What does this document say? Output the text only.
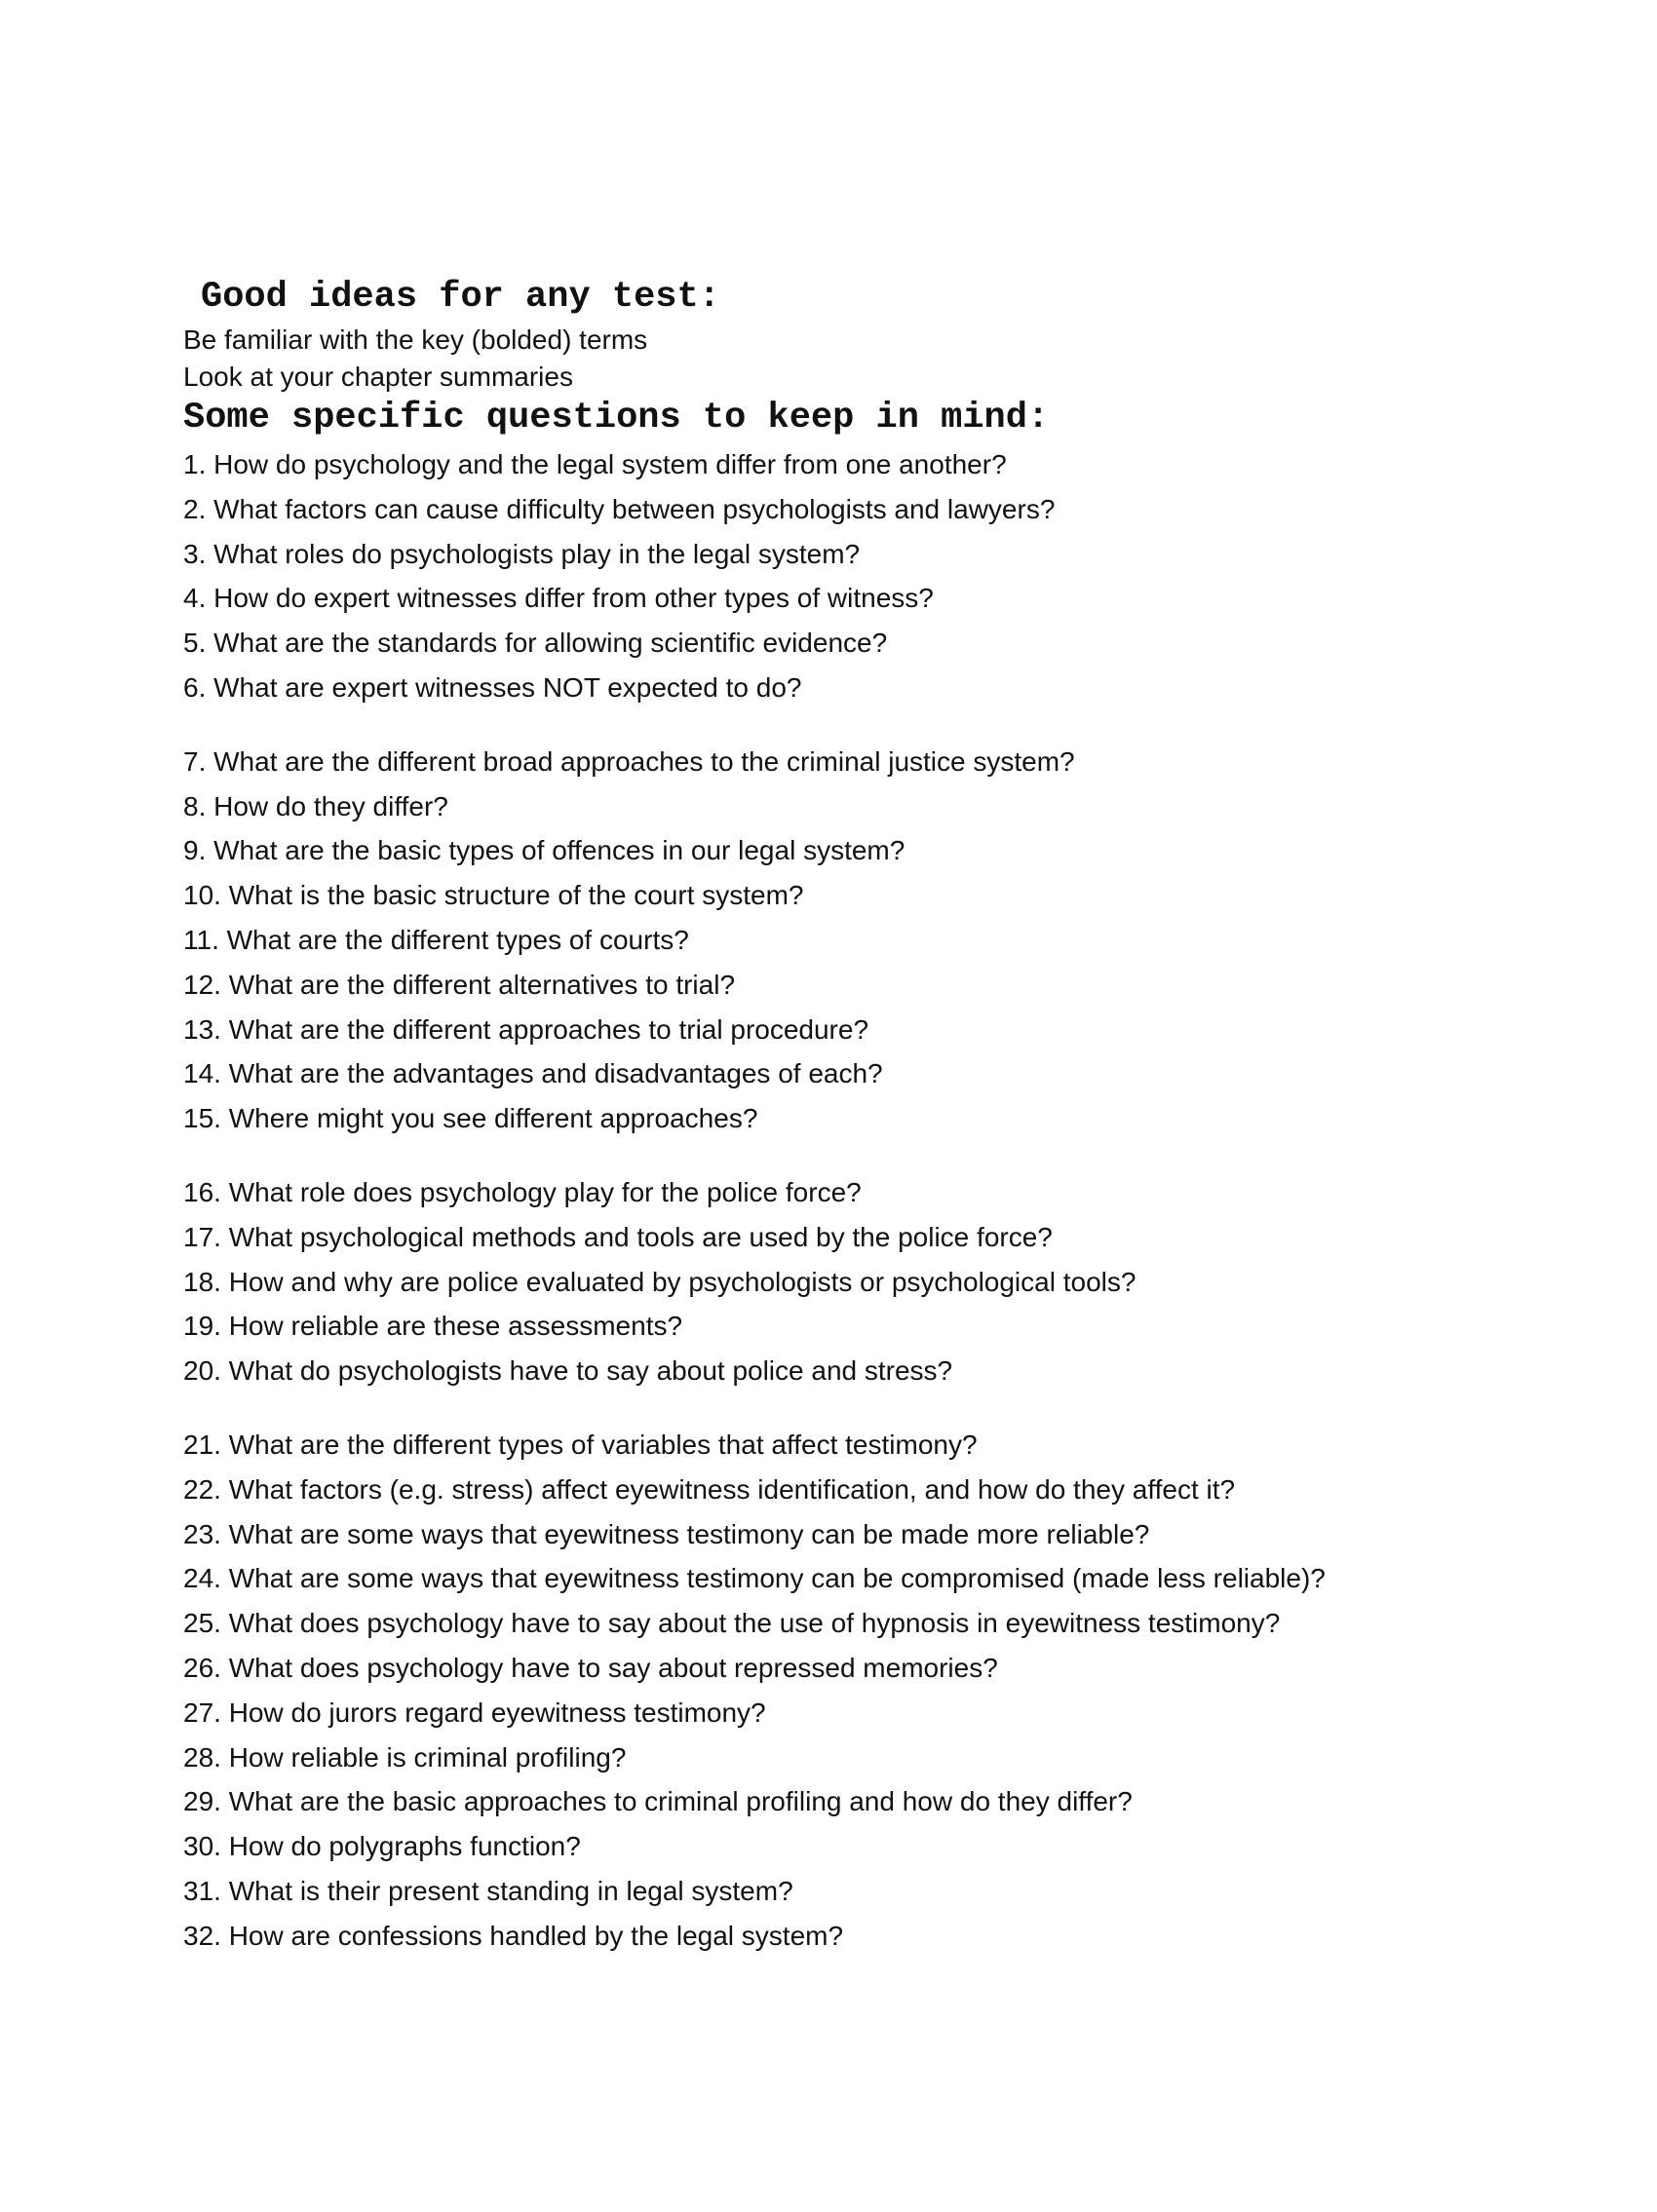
Good ideas for any test:

Be familiar with the key (bolded) terms

Look at your chapter summaries

Some specific questions to keep in mind:
1. How do psychology and the legal system differ from one another?
2. What factors can cause difficulty between psychologists and lawyers?
3. What roles do psychologists play in the legal system?
4. How do expert witnesses differ from other types of witness?
5. What are the standards for allowing scientific evidence?
6. What are expert witnesses NOT expected to do?
7. What are the different broad approaches to the criminal justice system?
8. How do they differ?
9. What are the basic types of offences in our legal system?
10. What is the basic structure of the court system?
11. What are the different types of courts?
12. What are the different alternatives to trial?
13. What are the different approaches to trial procedure?
14. What are the advantages and disadvantages of each?
15. Where might you see different approaches?
16. What role does psychology play for the police force?
17. What psychological methods and tools are used by the police force?
18. How and why are police evaluated by psychologists or psychological tools?
19. How reliable are these assessments?
20. What do psychologists have to say about police and stress?
21. What are the different types of variables that affect testimony?
22. What factors (e.g. stress) affect eyewitness identification, and how do they affect it?
23. What are some ways that eyewitness testimony can be made more reliable?
24. What are some ways that eyewitness testimony can be compromised (made less reliable)?
25. What does psychology have to say about the use of hypnosis in eyewitness testimony?
26. What does psychology have to say about repressed memories?
27. How do jurors regard eyewitness testimony?
28. How reliable is criminal profiling?
29. What are the basic approaches to criminal profiling and how do they differ?
30. How do polygraphs function?
31. What is their present standing in legal system?
32. How are confessions handled by the legal system?
